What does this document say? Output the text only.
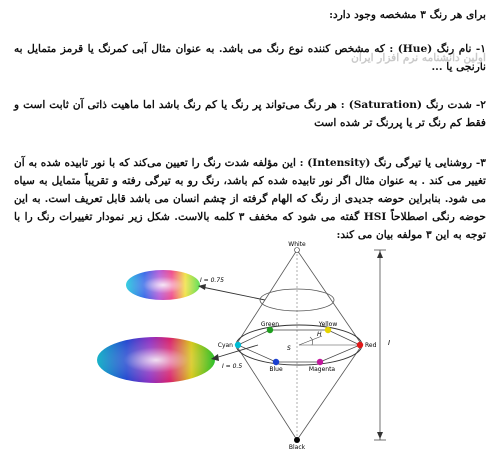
برای هر رنگ ۳ مشخصه وجود دارد:
۱- نام رنگ (Hue) : که مشخص کننده نوع رنگ می باشد. به عنوان مثال آبی کمرنگ یا قرمز متمایل به نارنجی یا ...
اولین دانشنامه نرم افزار ایران
۲- شدت رنگ (Saturation) : هر رنگ می‌تواند پر رنگ یا کم رنگ باشد اما ماهیت ذاتی آن ثابت است و فقط کم رنگ تر یا پررنگ تر شده است
۳- روشنایی یا تیرگی رنگ (Intensity) : این مؤلفه شدت رنگ را تعیین می‌کند که با نور تابیده شده به آن تغییر می کند . به عنوان مثال اگر نور تابیده شده کم باشد، رنگ رو به تیرگی رفته و تقریباً متمایل به سیاه می شود. بنابراین حوضه جدیدی از رنگ که الهام گرفته از چشم انسان می باشد قابل تعریف است. به این حوضه رنگی اصطلاحاً HSI گفته می شود که مخفف ۳ کلمه بالاست. شکل زیر نمودار تغییرات رنگ را با توجه به این ۳ مولفه بیان می کند:
White
Black
Green	Yellow
Cyan	Red
Blue	Magenta
H
S
I = 0.75
I = 0.5
I
